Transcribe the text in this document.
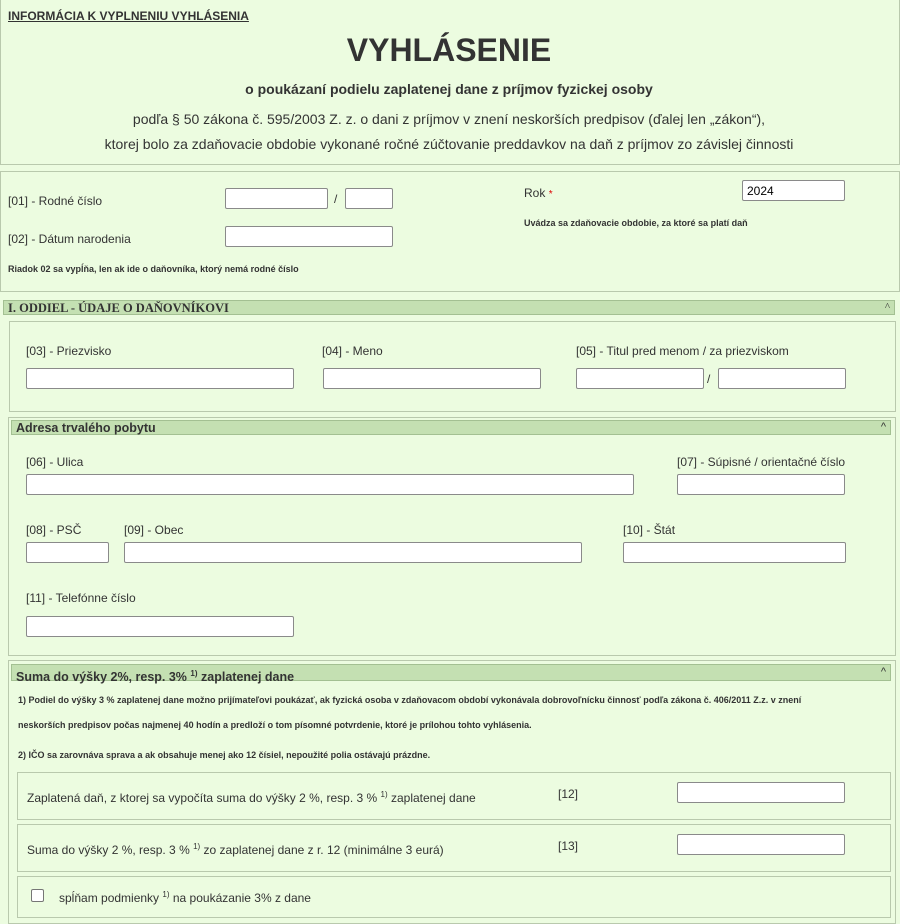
INFORMÁCIA K VYPLNENIU VYHLÁSENIA
VYHLÁSENIE
o poukázaní podielu zaplatenej dane z príjmov fyzickej osoby
podľa § 50 zákona č. 595/2003 Z. z. o dani z príjmov v znení neskorších predpisov (ďalej len „zákon“),
ktorej bolo za zdaňovacie obdobie vykonané ročné zúčtovanie preddavkov na daň z príjmov zo závislej činnosti
[01] - Rodné číslo	/
[02] - Dátum narodenia
Riadok 02 sa vypĺňa, len ak ide o daňovníka, ktorý nemá rodné číslo
Rok *
2024
Uvádza sa zdaňovacie obdobie, za ktoré sa platí daň
I. ODDIEL - ÚDAJE O DAŇOVNÍKOVI	^
[03] - Priezvisko	[04] - Meno	[05] - Titul pred menom / za priezviskom
/
Adresa trvalého pobytu	^
[06] - Ulica	[07] - Súpisné / orientačné číslo
[08] - PSČ	[09] - Obec	[10] - Štát
[11] - Telefónne číslo
Suma do výšky 2%, resp. 3% $^{1)}$ zaplatenej dane	^
1) Podiel do výšky 3 % zaplatenej dane možno prijímateľovi poukázať, ak fyzická osoba v zdaňovacom období vykonávala dobrovoľnícku činnosť podľa zákona č. 406/2011 Z.z. v znení
neskorších predpisov počas najmenej 40 hodín a predloží o tom písomné potvrdenie, ktoré je prílohou tohto vyhlásenia.
2) IČO sa zarovnáva sprava a ak obsahuje menej ako 12 čísiel, nepoužité polia ostávajú prázdne.
Zaplatená daň, z ktorej sa vypočíta suma do výšky 2 %, resp. 3 % $^{1)}$ zaplatenej dane	[12]
Suma do výšky 2 %, resp. 3 % $^{1)}$ zo zaplatenej dane z r. 12 (minimálne 3 eurá)	[13]
spĺňam podmienky $^{1)}$ na poukázanie 3% z dane
